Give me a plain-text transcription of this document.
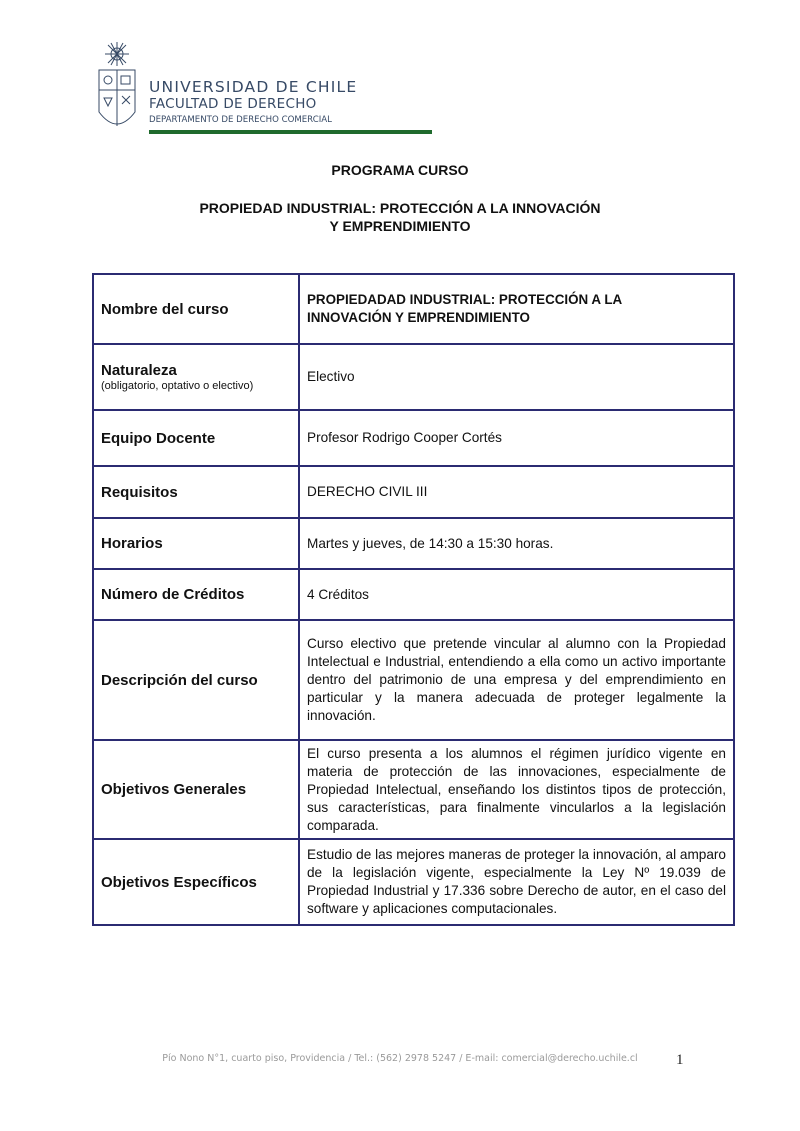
UNIVERSIDAD DE CHILE
FACULTAD DE DERECHO
DEPARTAMENTO DE DERECHO COMERCIAL
PROGRAMA CURSO
PROPIEDAD INDUSTRIAL: PROTECCIÓN A LA INNOVACIÓN
Y EMPRENDIMIENTO
Nombre del curso	PROPIEDADAD INDUSTRIAL: PROTECCIÓN A LA
INNOVACIÓN Y EMPRENDIMIENTO
Naturaleza
(obligatorio, optativo o electivo)	Electivo
Equipo Docente	Profesor Rodrigo Cooper Cortés
Requisitos	DERECHO CIVIL III
Horarios	Martes y jueves, de 14:30 a 15:30 horas.
Número de Créditos	4 Créditos
Descripción del curso	Curso electivo que pretende vincular al alumno con la Propiedad Intelectual e Industrial, entendiendo a ella como un activo importante dentro del patrimonio de una empresa y del emprendimiento en particular y la manera adecuada de proteger legalmente la innovación.
Objetivos Generales	El curso presenta a los alumnos el régimen jurídico vigente en materia de protección de las innovaciones, especialmente de Propiedad Intelectual, enseñando los distintos tipos de protección, sus características, para finalmente vincularlos a la legislación comparada.
Objetivos Específicos	Estudio de las mejores maneras de proteger la innovación, al amparo de la legislación vigente, especialmente la Ley Nº 19.039 de Propiedad Industrial y 17.336 sobre Derecho de autor, en el caso del software y aplicaciones computacionales.
Pío Nono N°1, cuarto piso, Providencia / Tel.: (562) 2978 5247 / E-mail: comercial@derecho.uchile.cl	1
